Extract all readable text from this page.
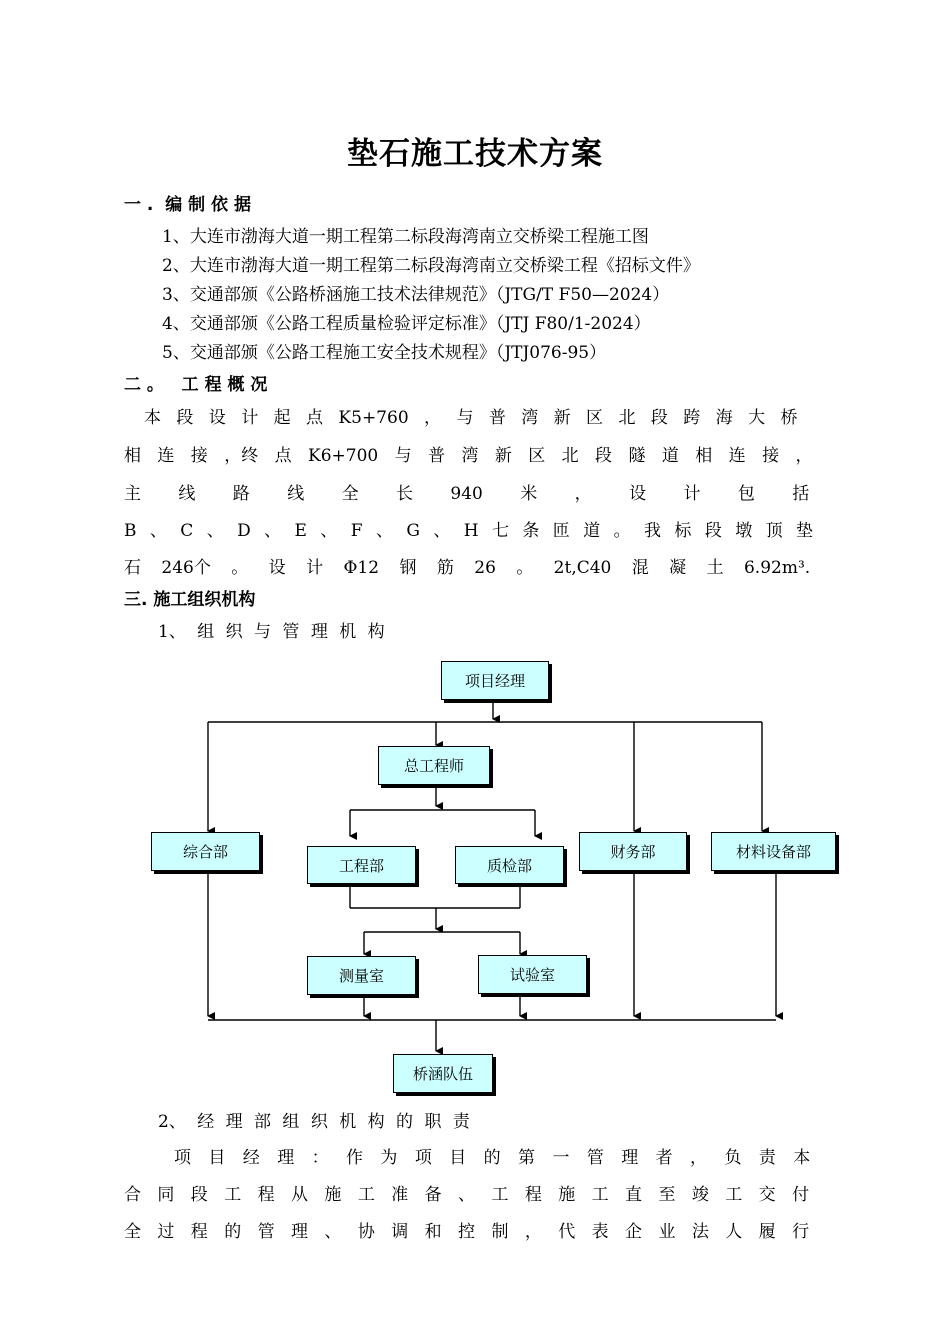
垫石施工技术方案
一 .  编 制 依 据
1、大连市渤海大道一期工程第二标段海湾南立交桥梁工程施工图
2、大连市渤海大道一期工程第二标段海湾南立交桥梁工程《招标文件》
3、交通部颁《公路桥涵施工技术法律规范》（JTG/T F50—2024）
4、交通部颁《公路工程质量检验评定标准》（JTJ F80/1-2024）
5、交通部颁《公路工程施工安全技术规程》（JTJ076-95）
二 。   工 程 概 况
本 段 设 计 起 点 K5+760 ， 与 普 湾 新 区 北 段 跨 海 大 桥
相 连 接 ，终 点 K6+700 与 普 湾 新 区 北 段 隧 道 相 连 接 ，
主 线 路 线 全 长 940 米 ， 设 计 包 括
B 、 C 、 D 、 E 、 F 、 G 、 H 七 条 匝 道 。 我 标 段 墩 顶 垫
石 246个 。 设 计 Φ12 钢 筋 26 。 2t,C40 混 凝 土 6.92m³.
三. 施工组织机构
1、 组 织 与 管 理 机 构
项目经理
总工程师
综合部
工程部	质检部
财务部	材料设备部
测量室	试验室
桥涵队伍
2、 经 理 部 组 织 机 构 的 职 责
项 目 经 理 ： 作 为 项 目 的 第 一 管 理 者 ， 负 责 本
合 同 段 工 程 从 施 工 准 备 、 工 程 施 工 直 至 竣 工 交 付
全 过 程 的 管 理 、 协 调 和 控 制 ， 代 表 企 业 法 人 履 行
